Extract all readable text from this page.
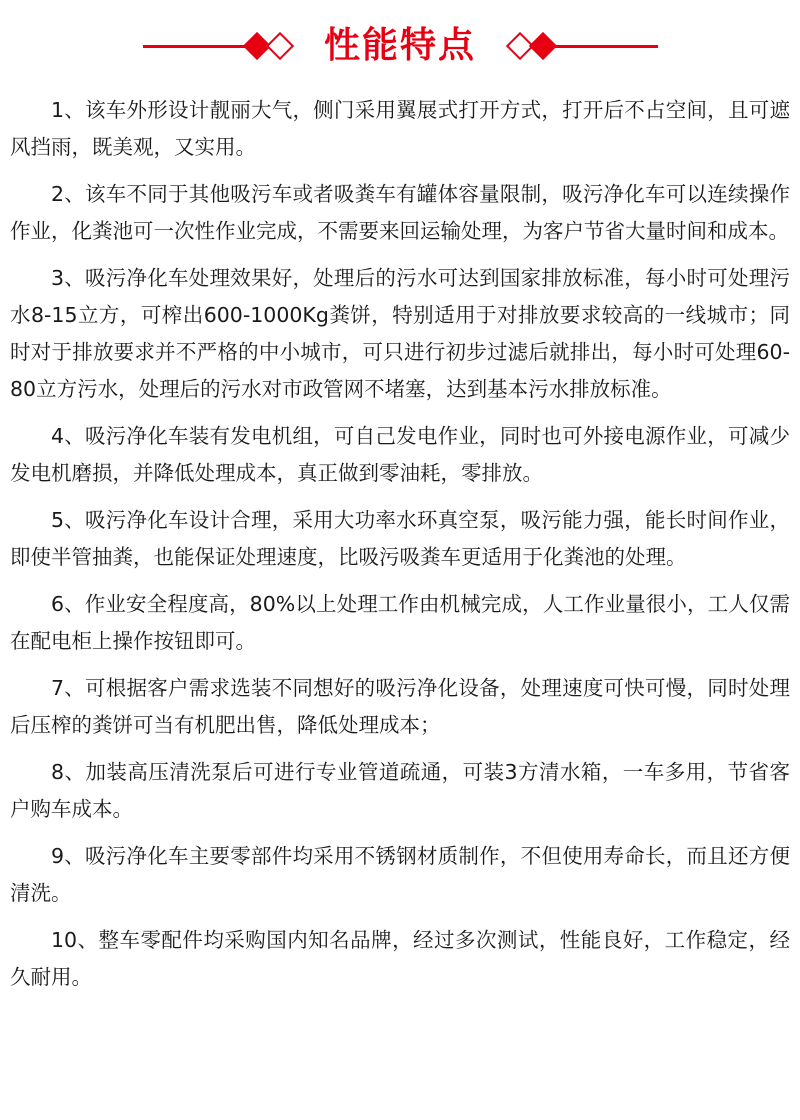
性能特点

1、该车外形设计靓丽大气，侧门采用翼展式打开方式，打开后不占空间，且可遮风挡雨，既美观，又实用。

2、该车不同于其他吸污车或者吸粪车有罐体容量限制，吸污净化车可以连续操作作业，化粪池可一次性作业完成，不需要来回运输处理，为客户节省大量时间和成本。

3、吸污净化车处理效果好，处理后的污水可达到国家排放标准，每小时可处理污水8-15立方，可榨出600-1000Kg粪饼，特别适用于对排放要求较高的一线城市；同时对于排放要求并不严格的中小城市，可只进行初步过滤后就排出，每小时可处理60-80立方污水，处理后的污水对市政管网不堵塞，达到基本污水排放标准。

4、吸污净化车装有发电机组，可自己发电作业，同时也可外接电源作业，可减少发电机磨损，并降低处理成本，真正做到零油耗，零排放。

5、吸污净化车设计合理，采用大功率水环真空泵，吸污能力强，能长时间作业，即使半管抽粪，也能保证处理速度，比吸污吸粪车更适用于化粪池的处理。

6、作业安全程度高，80%以上处理工作由机械完成，人工作业量很小，工人仅需在配电柜上操作按钮即可。

7、可根据客户需求选装不同想好的吸污净化设备，处理速度可快可慢，同时处理后压榨的粪饼可当有机肥出售，降低处理成本；

8、加装高压清洗泵后可进行专业管道疏通，可装3方清水箱，一车多用，节省客户购车成本。

9、吸污净化车主要零部件均采用不锈钢材质制作，不但使用寿命长，而且还方便清洗。

10、整车零配件均采购国内知名品牌，经过多次测试，性能良好，工作稳定，经久耐用。
